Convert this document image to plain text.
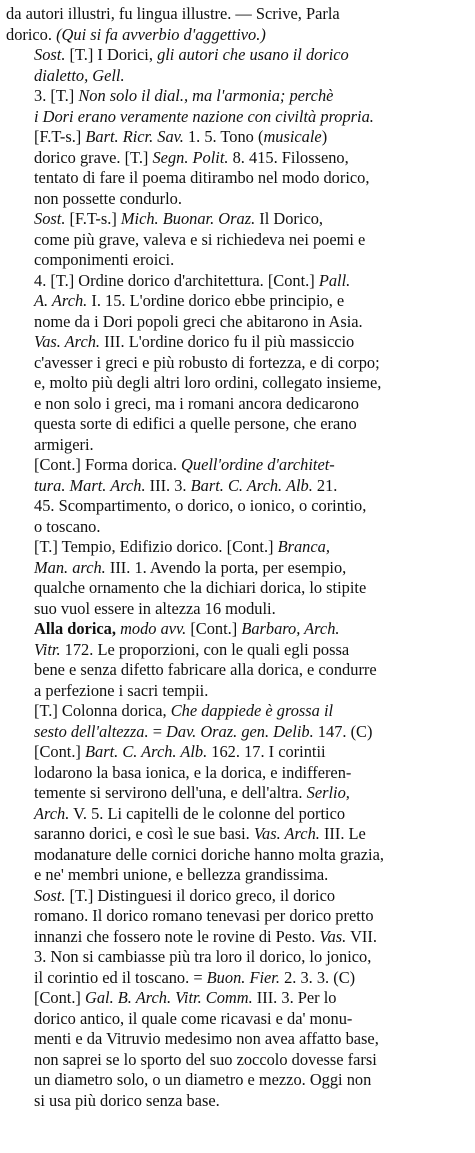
da autori illustri, fu lingua illustre. — Scrive, Parla
dorico. (Qui si fa avverbio d'aggettivo.)
Sost. [T.] I Dorici, gli autori che usano il dorico
dialetto, Gell.
3. [T.] Non solo il dial., ma l'armonia; perchè
i Dori erano veramente nazione con civiltà propria.
[F.T-s.] Bart. Ricr. Sav. 1. 5. Tono (musicale)
dorico grave. [T.] Segn. Polit. 8. 415. Filosseno,
tentato di fare il poema ditirambo nel modo dorico,
non possette condurlo.
Sost. [F.T-s.] Mich. Buonar. Oraz. Il Dorico,
come più grave, valeva e si richiedeva nei poemi e
componimenti eroici.
4. [T.] Ordine dorico d'architettura. [Cont.] Pall.
A. Arch. I. 15. L'ordine dorico ebbe principio, e
nome da i Dori popoli greci che abitarono in Asia.
Vas. Arch. III. L'ordine dorico fu il più massiccio
c'avesser i greci e più robusto di fortezza, e di corpo;
e, molto più degli altri loro ordini, collegato insieme,
e non solo i greci, ma i romani ancora dedicarono
questa sorte di edifici a quelle persone, che erano
armigeri.
[Cont.] Forma dorica. Quell'ordine d'architet-
tura. Mart. Arch. III. 3. Bart. C. Arch. Alb. 21.
45. Scompartimento, o dorico, o ionico, o corintio,
o toscano.
[T.] Tempio, Edifizio dorico. [Cont.] Branca,
Man. arch. III. 1. Avendo la porta, per esempio,
qualche ornamento che la dichiari dorica, lo stipite
suo vuol essere in altezza 16 moduli.
Alla dorica, modo avv. [Cont.] Barbaro, Arch.
Vitr. 172. Le proporzioni, con le quali egli possa
bene e senza difetto fabricare alla dorica, e condurre
a perfezione i sacri tempii.
[T.] Colonna dorica, Che dappiede è grossa il
sesto dell'altezza. = Dav. Oraz. gen. Delib. 147. (C)
[Cont.] Bart. C. Arch. Alb. 162. 17. I corintii
lodarono la basa ionica, e la dorica, e indifferen-
temente si servirono dell'una, e dell'altra. Serlio,
Arch. V. 5. Li capitelli de le colonne del portico
saranno dorici, e così le sue basi. Vas. Arch. III. Le
modanature delle cornici doriche hanno molta grazia,
e ne' membri unione, e bellezza grandissima.
Sost. [T.] Distinguesi il dorico greco, il dorico
romano. Il dorico romano tenevasi per dorico pretto
innanzi che fossero note le rovine di Pesto. Vas. VII.
3. Non si cambiasse più tra loro il dorico, lo jonico,
il corintio ed il toscano. = Buon. Fier. 2. 3. 3. (C)
[Cont.] Gal. B. Arch. Vitr. Comm. III. 3. Per lo
dorico antico, il quale come ricavasi e da' monu-
menti e da Vitruvio medesimo non avea affatto base,
non saprei se lo sporto del suo zoccolo dovesse farsi
un diametro solo, o un diametro e mezzo. Oggi non
si usa più dorico senza base.
